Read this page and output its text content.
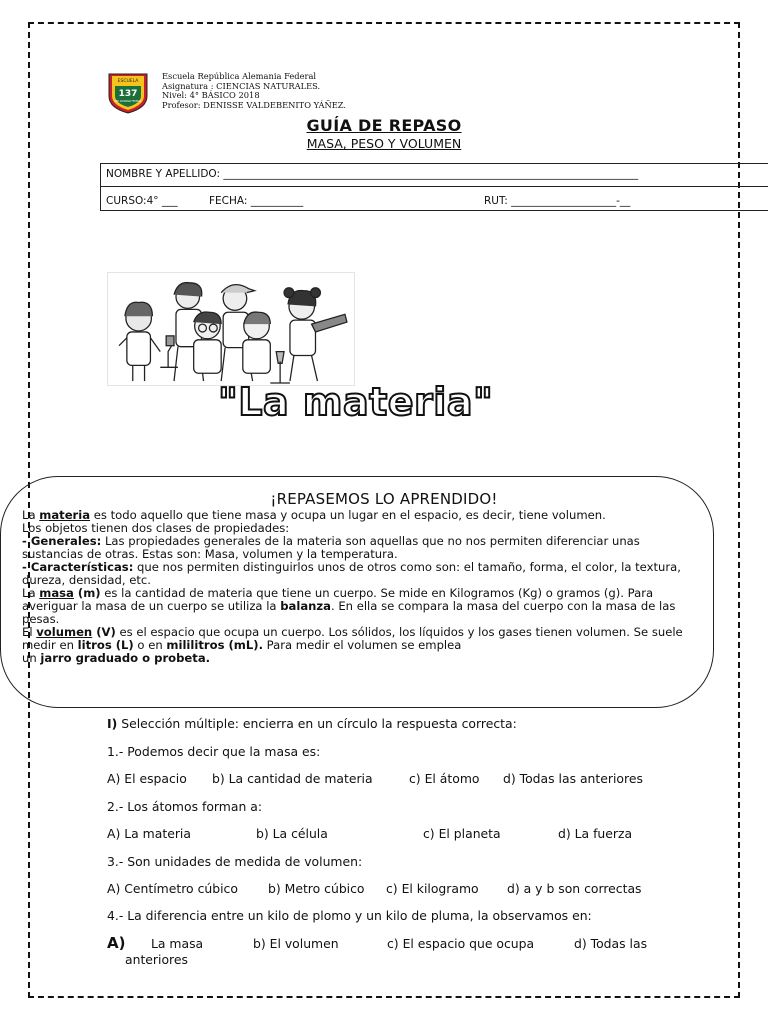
ESCUELA
137
REP. ALEMANIA FEDERAL
Escuela República Alemania Federal
Asignatura : CIENCIAS NATURALES.
Nivel: 4° BÁSICO 2018
Profesor: DENISSE VALDEBENITO YÁÑEZ.
GUÍA DE REPASO
MASA, PESO Y VOLUMEN
NOMBRE Y APELLIDO: _______________________________________________________________________________
CURSO:4° ___	FECHA: __________	RUT: ____________________-__
"La materia"
¡REPASEMOS LO APRENDIDO!

La materia es todo aquello que tiene masa y ocupa un lugar en el espacio, es decir, tiene volumen.

Los objetos tienen dos clases de propiedades:

- Generales: Las propiedades generales de la materia son aquellas que no nos permiten diferenciar unas sustancias de otras. Estas son: Masa, volumen y la temperatura.

- Características: que nos permiten distinguirlos unos de otros como son: el tamaño, forma, el color, la textura, dureza, densidad, etc.

La masa (m) es la cantidad de materia que tiene un cuerpo. Se mide en Kilogramos (Kg) o gramos (g). Para averiguar la masa de un cuerpo se utiliza la balanza. En ella se compara la masa del cuerpo con la masa de las pesas.

El volumen (V) es el espacio que ocupa un cuerpo. Los sólidos, los líquidos y los gases tienen volumen. Se suele medir en litros (L) o en mililitros (mL). Para medir el volumen se emplea

un jarro graduado o probeta.

I) Selección múltiple: encierra en un círculo la respuesta correcta:
1.- Podemos decir que la masa es:
A) El espacio b) La cantidad de materia	c) El átomo d) Todas las anteriores
2.- Los átomos forman a:
A) La materia	b) La célula	c) El planeta	d) La fuerza
3.- Son unidades de medida de volumen:
A) Centímetro cúbico b) Metro cúbico c) El kilogramo d) a y b son correctas
4.- La diferencia entre un kilo de plomo y un kilo de pluma, la observamos en:
A) La masa	b) El volumen	c) El espacio que ocupa	d) Todas las
anteriores
